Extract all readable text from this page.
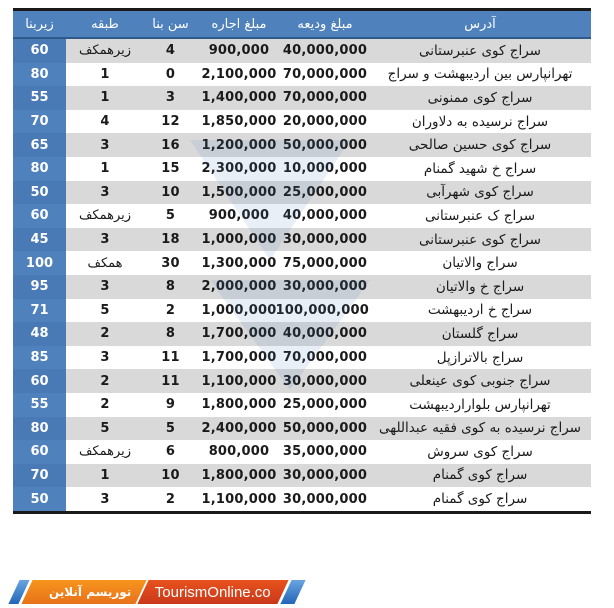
آدرس	مبلغ ودیعه	مبلغ اجاره	سن بنا	طبقه	زیربنا
سراج کوی عنبرستانی	40,000,000	900,000	4	زیرهمکف	60
تهرانپارس بین اردیبهشت و سراج	70,000,000	2,100,000	0	1	80
سراج کوی ممنونی	70,000,000	1,400,000	3	1	55
سراج نرسیده به دلاوران	20,000,000	1,850,000	12	4	70
سراج کوی حسین صالحی	50,000,000	1,200,000	16	3	65
سراج خ شهید گمنام	10,000,000	2,300,000	15	1	80
سراج کوی شهرآبی	25,000,000	1,500,000	10	3	50
سراج ک عنبرستانی	40,000,000	900,000	5	زیرهمکف	60
سراج کوی عنبرستانی	30,000,000	1,000,000	18	3	45
سراج والاتیان	75,000,000	1,300,000	30	همکف	100
سراج خ والاتیان	30,000,000	2,000,000	8	3	95
سراج خ اردیبهشت	100,000,000	1,000,000	2	5	71
سراج گلستان	40,000,000	1,700,000	8	2	48
سراج بالاترازپل	70,000,000	1,700,000	11	3	85
سراج جنوبی کوی عینعلی	30,000,000	1,100,000	11	2	60
تهرانپارس بلواراردیبهشت	25,000,000	1,800,000	9	2	55
سراج نرسیده به کوی فقیه عبداللهی	50,000,000	2,400,000	5	5	80
سراج کوی سروش	35,000,000	800,000	6	زیرهمکف	60
سراج کوی گمنام	30,000,000	1,800,000	10	1	70
سراج کوی گمنام	30,000,000	1,100,000	2	3	50
توریسم آنلاین TourismOnline.co
